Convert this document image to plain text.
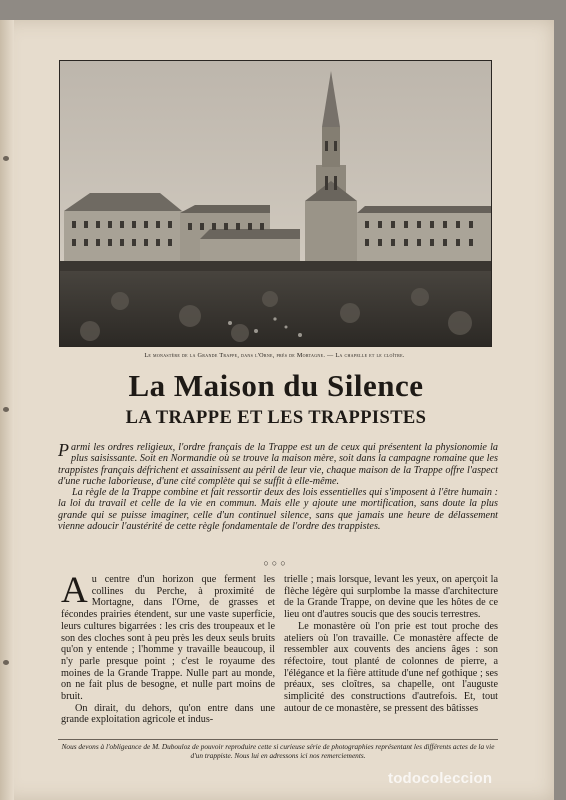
Le monastère de la Grande Trappe, dans l'Orne, près de Mortagne. — La chapelle et le cloître.
La Maison du Silence
LA TRAPPE ET LES TRAPPISTES

Parmi les ordres religieux, l'ordre français de la Trappe est un de ceux qui présentent la physionomie la plus saisissante. Soit en Normandie où se trouve la maison mère, soit dans la campagne romaine que les trappistes français défrichent et assainissent au péril de leur vie, chaque maison de la Trappe offre l'aspect d'une ruche laborieuse, d'une cité complète qui se suffit à elle-même.

La règle de la Trappe combine et fait ressortir deux des lois essentielles qui s'imposent à l'être humain : la loi du travail et celle de la vie en commun. Mais elle y ajoute une mortification, sans doute la plus grande qui se puisse imaginer, celle d'un continuel silence, sans que jamais une heure de délassement vienne adoucir l'austérité de cette règle fondamentale de l'ordre des trappistes.

○○○

Au centre d'un horizon que ferment les collines du Perche, à proximité de Mortagne, dans l'Orne, de grasses et fécondes prairies étendent, sur une vaste superficie, leurs cultures bigarrées : les cris des troupeaux et le son des cloches sont à peu près les deux seuls bruits qu'on y entende ; l'homme y travaille beaucoup, il n'y parle presque point ; c'est le royaume des moines de la Grande Trappe. Nulle part au monde, on ne fait plus de besogne, et nulle part moins de bruit.

On dirait, du dehors, qu'on entre dans une grande exploitation agricole et indus-

trielle ; mais lorsque, levant les yeux, on aperçoit la flèche légère qui surplombe la masse d'architecture de la Grande Trappe, on devine que les hôtes de ce lieu ont d'autres soucis que des soucis terrestres.

Le monastère où l'on prie est tout proche des ateliers où l'on travaille. Ce monastère affecte de ressembler aux couvents des anciens âges : son réfectoire, tout planté de colonnes de pierre, a l'élégance et la fière attitude d'une nef gothique ; ses préaux, ses cloîtres, sa chapelle, ont l'auguste simplicité des constructions d'autrefois. Et, tout autour de ce monastère, se pressent des bâtisses

Nous devons à l'obligeance de M. Dubouloz de pouvoir reproduire cette si curieuse série de photographies représentant les différents actes de la vie d'un trappiste. Nous lui en adressons ici nos remerciements.
todocoleccion
